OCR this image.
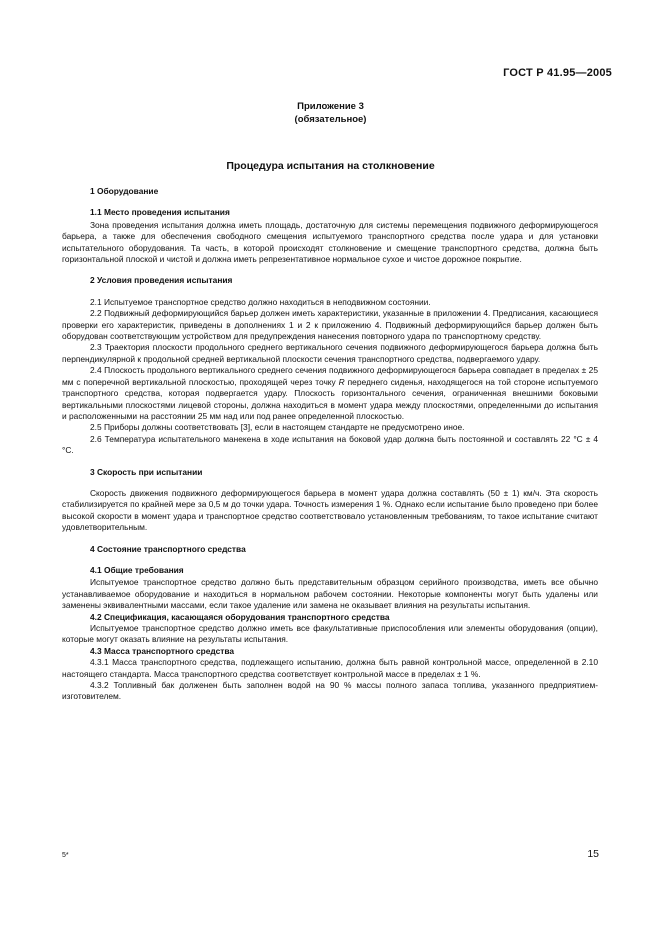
ГОСТ Р 41.95—2005
Приложение 3
(обязательное)
Процедура испытания на столкновение

1 Оборудование

1.1 Место проведения испытания

Зона проведения испытания должна иметь площадь, достаточную для системы перемещения подвижного деформирующегося барьера, а также для обеспечения свободного смещения испытуемого транспортного средства после удара и для установки испытательного оборудования. Та часть, в которой происходят столкновение и смещение транспортного средства, должна быть горизонтальной плоской и чистой и должна иметь репрезентативное нормальное сухое и чистое дорожное покрытие.

2 Условия проведения испытания

2.1 Испытуемое транспортное средство должно находиться в неподвижном состоянии.

2.2 Подвижный деформирующийся барьер должен иметь характеристики, указанные в приложении 4. Предписания, касающиеся проверки его характеристик, приведены в дополнениях 1 и 2 к приложению 4. Подвижный деформирующийся барьер должен быть оборудован соответствующим устройством для предупреждения нанесения повторного удара по транспортному средству.

2.3 Траектория плоскости продольного среднего вертикального сечения подвижного деформирующегося барьера должна быть перпендикулярной к продольной средней вертикальной плоскости сечения транспортного средства, подвергаемого удару.

2.4 Плоскость продольного вертикального среднего сечения подвижного деформирующегося барьера совпадает в пределах ± 25 мм с поперечной вертикальной плоскостью, проходящей через точку R переднего сиденья, находящегося на той стороне испытуемого транспортного средства, которая подвергается удару. Плоскость горизонтального сечения, ограниченная внешними боковыми вертикальными плоскостями лицевой стороны, должна находиться в момент удара между плоскостями, определенными до испытания и расположенными на расстоянии 25 мм над или под ранее определенной плоскостью.

2.5 Приборы должны соответствовать [3], если в настоящем стандарте не предусмотрено иное.

2.6 Температура испытательного манекена в ходе испытания на боковой удар должна быть постоянной и составлять 22 °С ± 4 °С.

3 Скорость при испытании

Скорость движения подвижного деформирующегося барьера в момент удара должна составлять (50 ± 1) км/ч. Эта скорость стабилизируется по крайней мере за 0,5 м до точки удара. Точность измерения 1 %. Однако если испытание было проведено при более высокой скорости в момент удара и транспортное средство соответствовало установленным требованиям, то такое испытание считают удовлетворительным.

4 Состояние транспортного средства

4.1 Общие требования

Испытуемое транспортное средство должно быть представительным образцом серийного производства, иметь все обычно устанавливаемое оборудование и находиться в нормальном рабочем состоянии. Некоторые компоненты могут быть удалены или заменены эквивалентными массами, если такое удаление или замена не оказывает влияния на результаты испытания.

4.2 Спецификация, касающаяся оборудования транспортного средства

Испытуемое транспортное средство должно иметь все факультативные приспособления или элементы оборудования (опции), которые могут оказать влияние на результаты испытания.

4.3 Масса транспортного средства

4.3.1 Масса транспортного средства, подлежащего испытанию, должна быть равной контрольной массе, определенной в 2.10 настоящего стандарта. Масса транспортного средства соответствует контрольной массе в пределах ± 1 %.

4.3.2 Топливный бак долженен быть заполнен водой на 90 % массы полного запаса топлива, указанного предприятием-изготовителем.

5*	15
